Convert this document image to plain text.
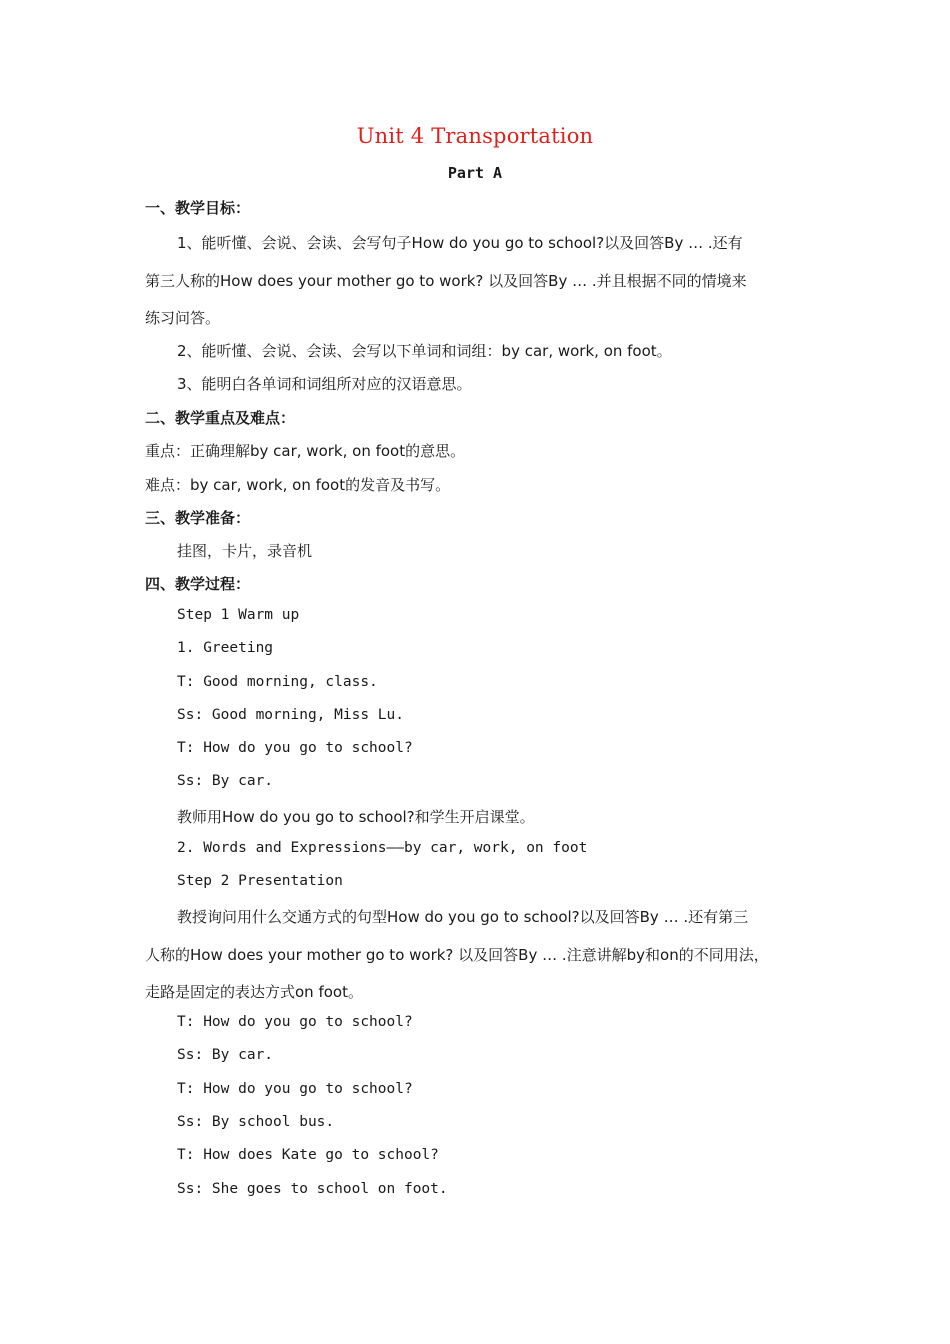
Unit 4 Transportation
Part A
一、教学目标：
1、能听懂、会说、会读、会写句子How do you go to school?以及回答By … .还有
第三人称的How does your mother go to work? 以及回答By … .并且根据不同的情境来
练习问答。
2、能听懂、会说、会读、会写以下单词和词组：by car, work, on foot。
3、能明白各单词和词组所对应的汉语意思。
二、教学重点及难点：
重点：正确理解by car, work, on foot的意思。
难点：by car, work, on foot的发音及书写。
三、教学准备：
挂图，卡片，录音机
四、教学过程：
Step 1 Warm up
1. Greeting
T: Good morning, class.
Ss: Good morning, Miss Lu.
T: How do you go to school?
Ss: By car.
教师用How do you go to school?和学生开启课堂。
2. Words and Expressions——by car, work, on foot
Step 2 Presentation
教授询问用什么交通方式的句型How do you go to school?以及回答By … .还有第三
人称的How does your mother go to work? 以及回答By … .注意讲解by和on的不同用法，
走路是固定的表达方式on foot。
T: How do you go to school?
Ss: By car.
T: How do you go to school?
Ss: By school bus.
T: How does Kate go to school?
Ss: She goes to school on foot.
